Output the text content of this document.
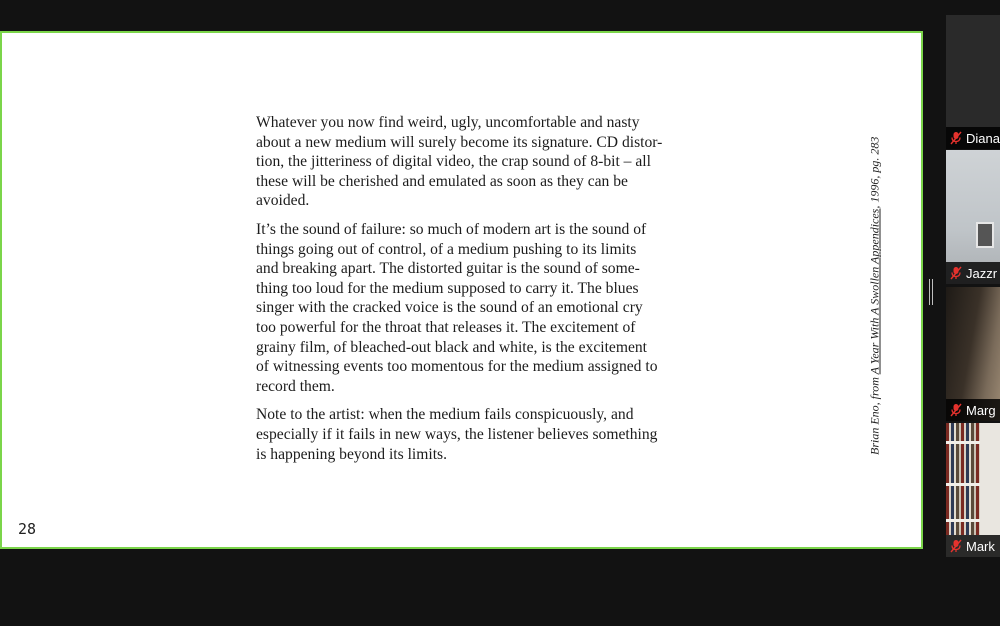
Whatever you now find weird, ugly, uncomfortable and nasty
about a new medium will surely become its signature. CD distor-
tion, the jitteriness of digital video, the crap sound of 8-bit – all
these will be cherished and emulated as soon as they can be
avoided.

It’s the sound of failure: so much of modern art is the sound of
things going out of control, of a medium pushing to its limits
and breaking apart. The distorted guitar is the sound of some-
thing too loud for the medium supposed to carry it. The blues
singer with the cracked voice is the sound of an emotional cry
too powerful for the throat that releases it. The excitement of
grainy film, of bleached-out black and white, is the excitement
of witnessing events too momentous for the medium assigned to
record them.

Note to the artist: when the medium fails conspicuously, and
especially if it fails in new ways, the listener believes something
is happening beyond its limits.	Brian Eno, from A Year With A Swollen Appendices, 1996, pg. 283
28
Diana
Jazzr
Marg
Mark
